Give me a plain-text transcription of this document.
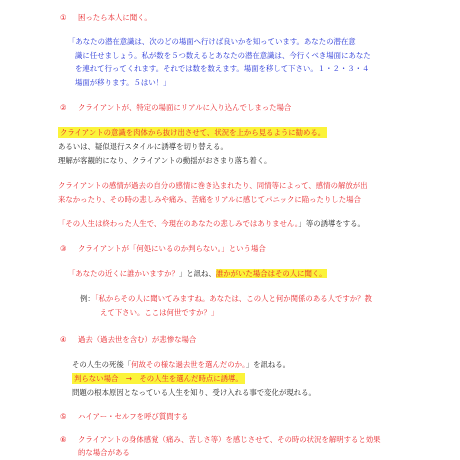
① 困ったら本人に聞く。
「あなたの潜在意識は、次のどの場面へ行けば良いかを知っています。あなたの潜在意
識に任せましょう。私が数を５つ数えるとあなたの潜在意識は、今行くべき場面にあなた
を連れて行ってくれます。それでは数を数えます。場面を移して下さい。１・２・３・４
場面が移ります。５はい！」
② クライアントが、特定の場面にリアルに入り込んでしまった場合
クライアントの意識を肉体から抜け出させて、状況を上から見るように勧める。
あるいは、疑似退行スタイルに誘導を切り替える。
理解が客観的になり、クライアントの動揺がおさまり落ち着く。
クライアントの感情が過去の自分の感情に巻き込まれたり、同情等によって、感情の解放が出
来なかったり、その時の悲しみや痛み、苦痛をリアルに感じてパニックに陥ったりした場合
「その人生は終わった人生で、今現在のあなたの悲しみではありません。」等の誘導をする。
③ クライアントが「何処にいるのか判らない。」という場合
「あなたの近くに誰かいますか？」と訊ね、誰かがいた場合はその人に聞く。
例：「私からその人に聞いてみますね。あなたは、この人と何か関係のある人ですか？教
えて下さい。ここは何世ですか？」
④ 過去（過去世を含む）が悲惨な場合
その人生の死後「何故その様な過去世を選んだのか。」を訊ねる。
判らない場合　→　その人生を選んだ時点に誘導。
問題の根本原因となっている人生を知り、受け入れる事で変化が現れる。
⑤ ハイアー・セルフを呼び質問する
⑥ クライアントの身体感覚（痛み、苦しさ等）を感じさせて、その時の状況を解明すると効果
的な場合がある
